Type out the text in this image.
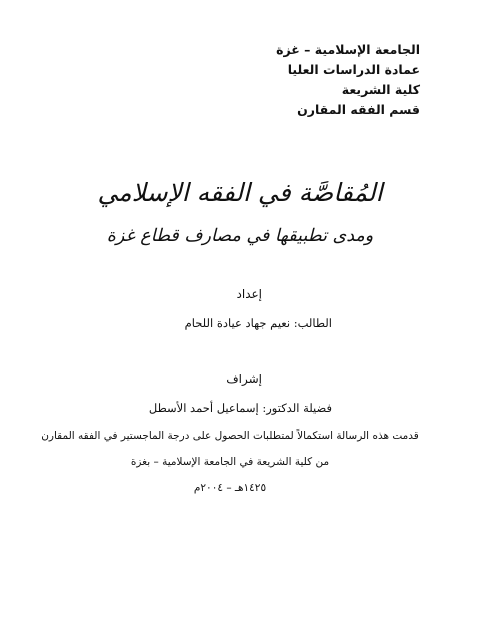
الجامعة الإسلامية – غزة
عمادة الدراسات العليا
كلية الشريعة
قسم الفقه المقارن
المُقاصَّة في الفقه الإسلامي
ومدى تطبيقها في مصارف قطاع غزة
إعداد
الطالب: نعيم جهاد عيادة اللحام
إشراف
فضيلة الدكتور: إسماعيل أحمد الأسطل
قدمت هذه الرسالة استكمالاً لمتطلبات الحصول على درجة الماجستير في الفقه المقارن
من كلية الشريعة في الجامعة الإسلامية – بغزة
١٤٢٥هـ – ٢٠٠٤م
